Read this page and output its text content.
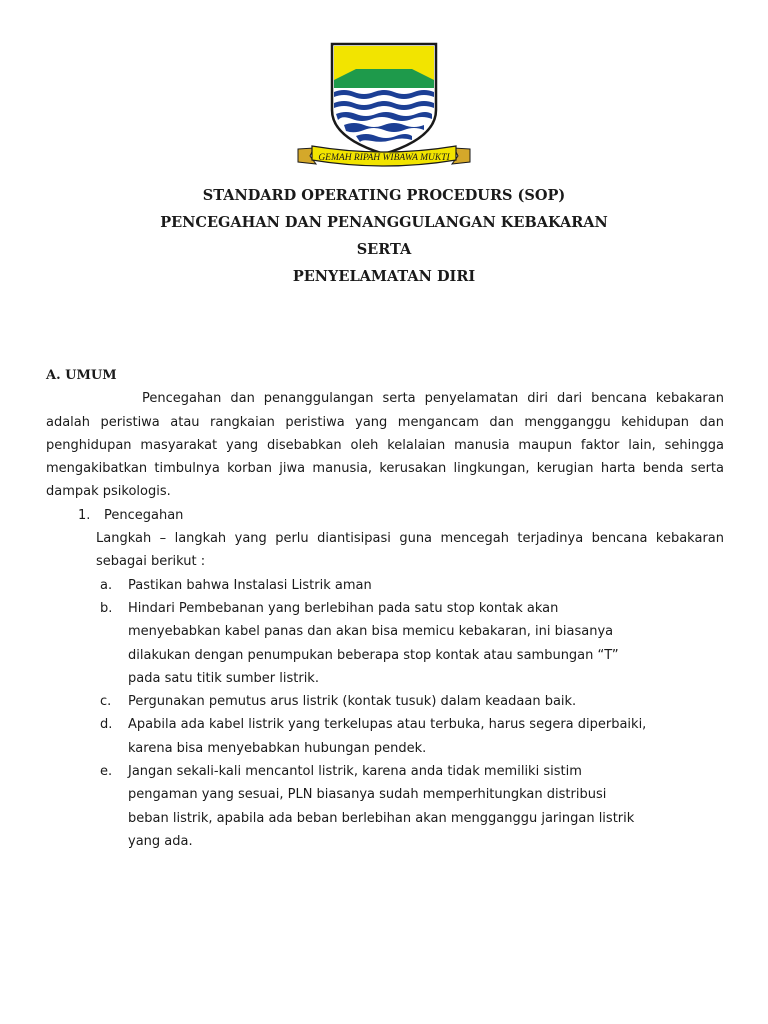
GEMAH RIPAH WIBAWA MUKTI
STANDARD OPERATING PROCEDURS (SOP)
PENCEGAHAN DAN PENANGGULANGAN KEBAKARAN
SERTA
PENYELAMATAN DIRI
A. UMUM

Pencegahan dan penanggulangan serta penyelamatan diri dari bencana kebakaran adalah peristiwa atau rangkaian peristiwa yang mengancam dan mengganggu kehidupan dan penghidupan masyarakat yang disebabkan oleh kelalaian manusia maupun faktor lain, sehingga mengakibatkan timbulnya korban jiwa manusia, kerusakan lingkungan, kerugian harta benda serta dampak psikologis.

1.	Pencegahan

Langkah – langkah yang perlu diantisipasi guna mencegah terjadinya bencana kebakaran sebagai berikut :

a.	Pastikan bahwa Instalasi Listrik aman
b.	Hindari Pembebanan yang berlebihan pada satu stop kontak akan
menyebabkan kabel panas dan akan bisa memicu kebakaran, ini biasanya
dilakukan dengan penumpukan beberapa stop kontak atau sambungan “T”
pada satu titik sumber listrik.
c.	Pergunakan pemutus arus listrik (kontak tusuk) dalam keadaan baik.
d.	Apabila ada kabel listrik yang terkelupas atau terbuka, harus segera diperbaiki,
karena bisa menyebabkan hubungan pendek.
e.	Jangan sekali-kali mencantol listrik, karena anda tidak memiliki sistim
pengaman yang sesuai, PLN biasanya sudah memperhitungkan distribusi
beban listrik, apabila ada beban berlebihan akan mengganggu jaringan listrik
yang ada.
